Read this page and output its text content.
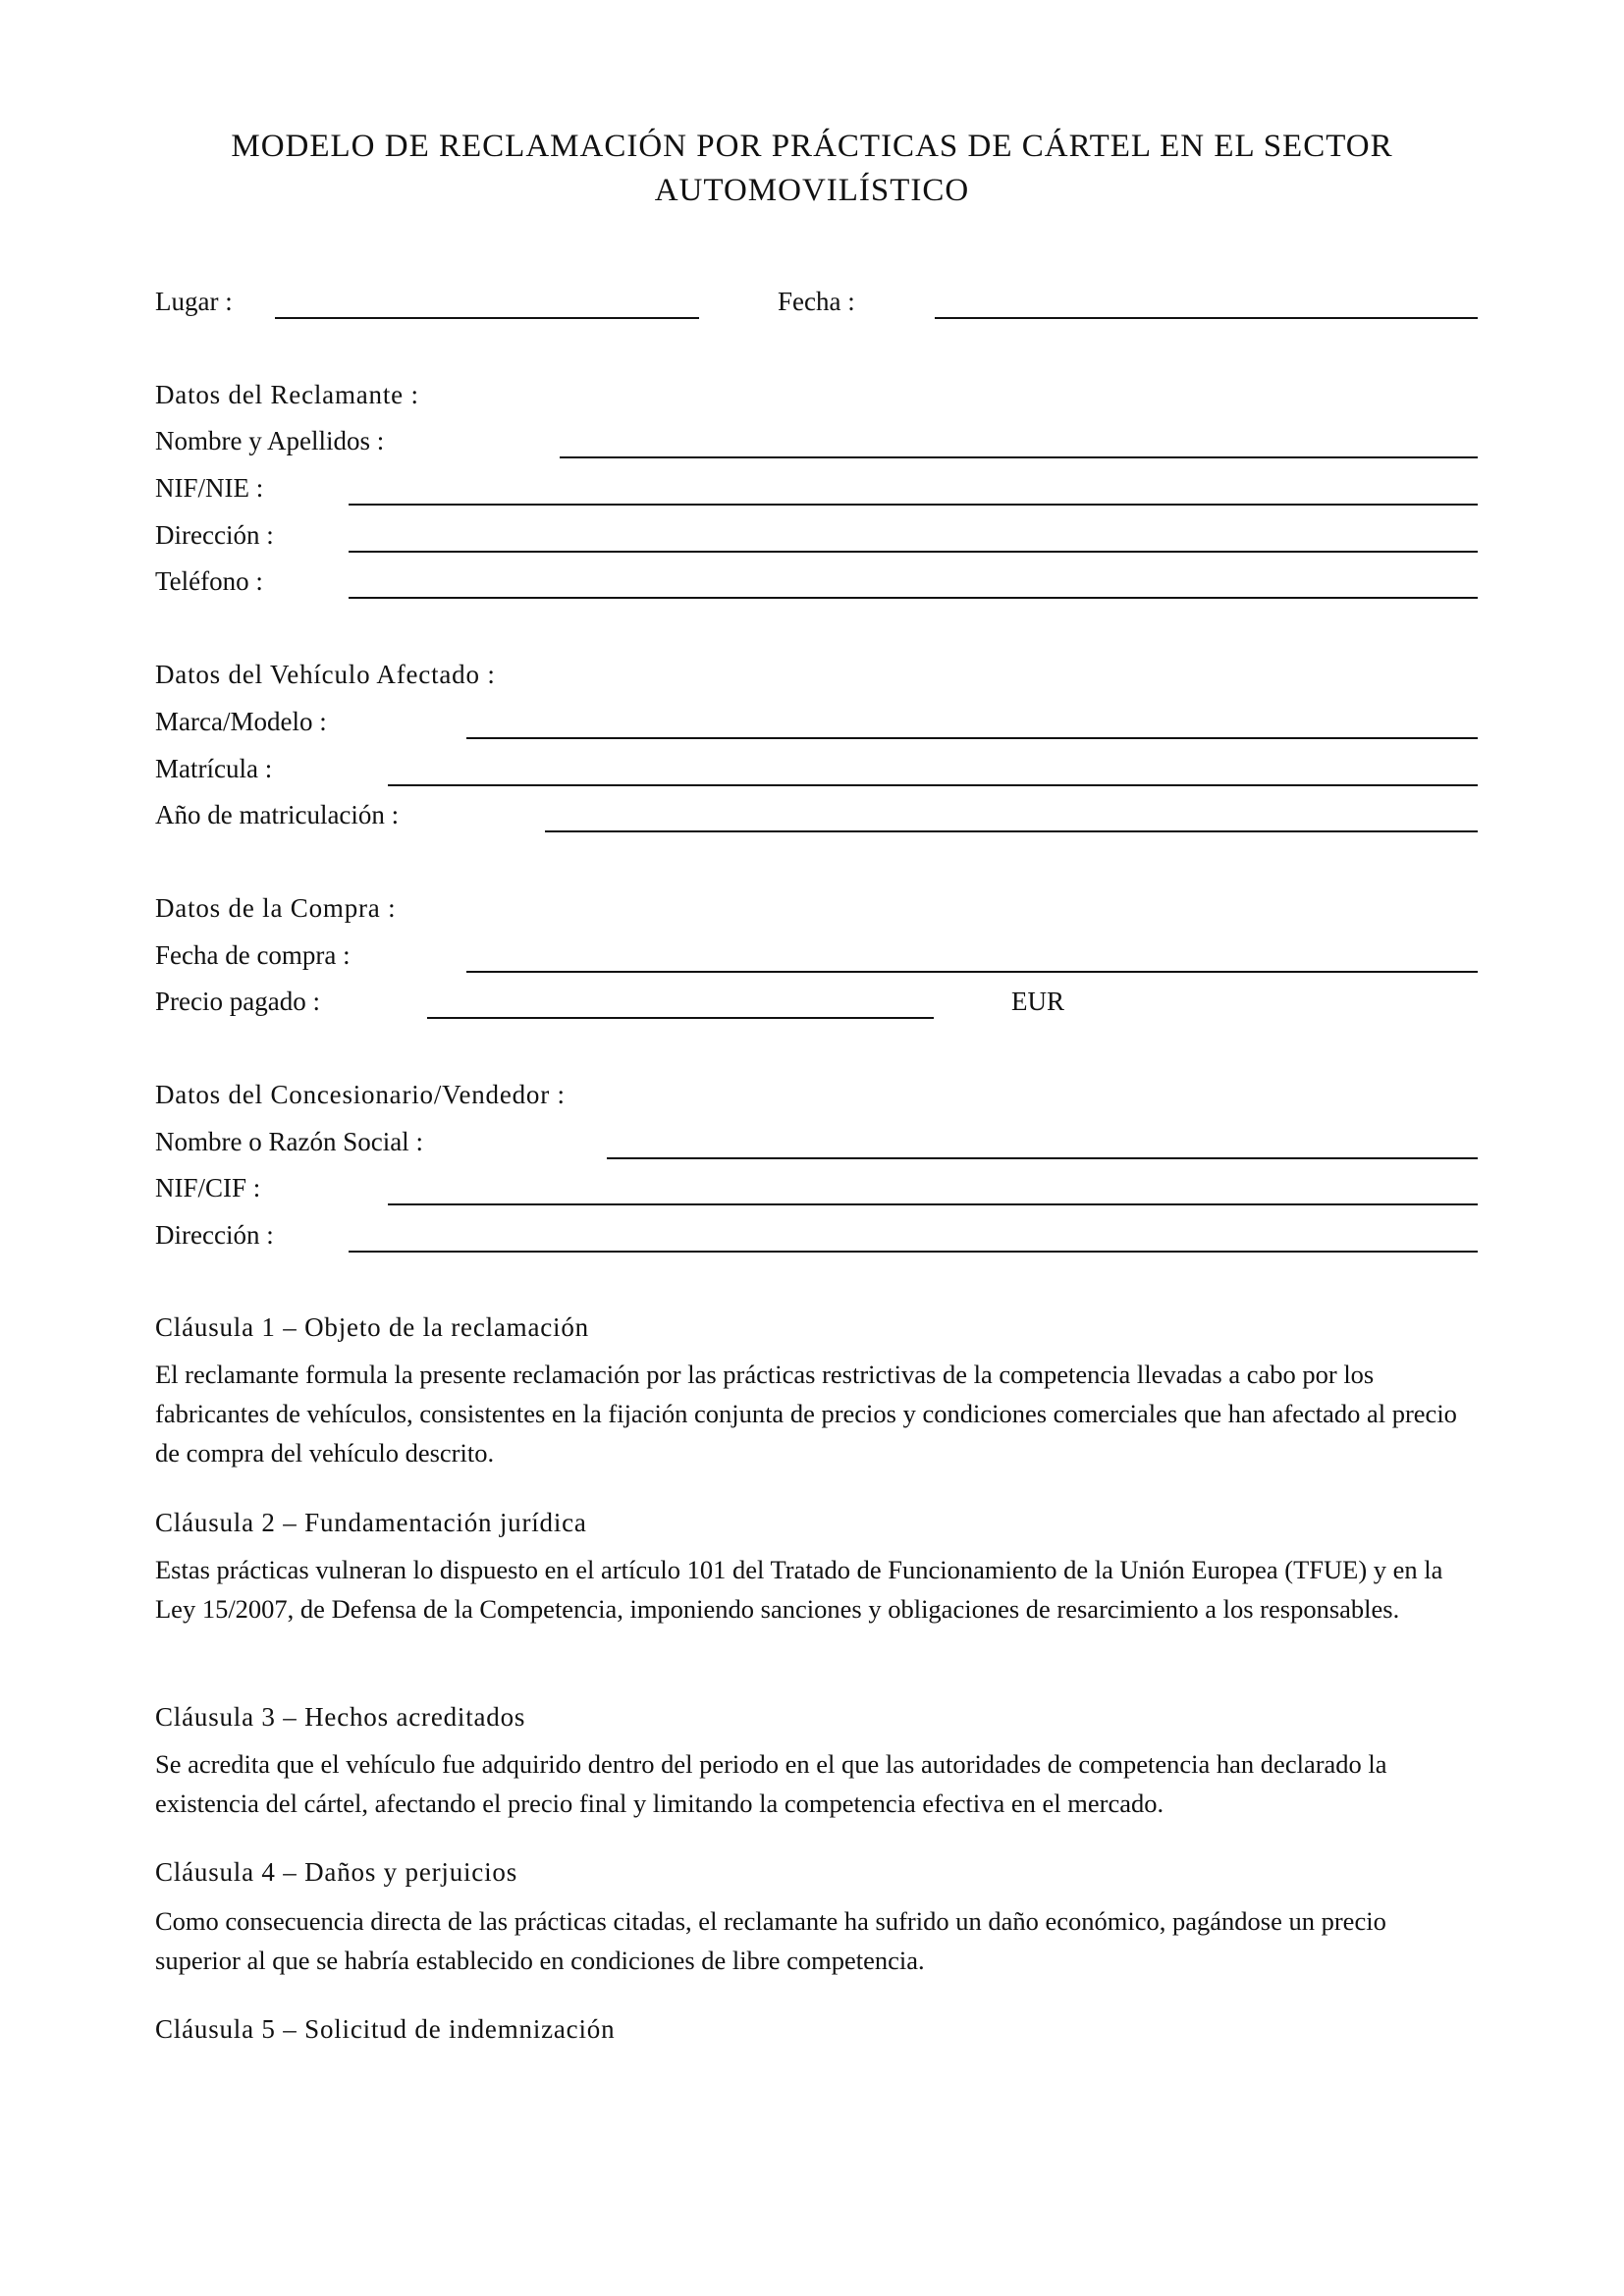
MODELO DE RECLAMACIÓN POR PRÁCTICAS DE CÁRTEL EN EL SECTOR
AUTOMOVILÍSTICO
Lugar :	Fecha :
Datos del Reclamante :
Nombre y Apellidos :
NIF/NIE :
Dirección :
Teléfono :
Datos del Vehículo Afectado :
Marca/Modelo :
Matrícula :
Año de matriculación :
Datos de la Compra :
Fecha de compra :
Precio pagado :	EUR
Datos del Concesionario/Vendedor :
Nombre o Razón Social :
NIF/CIF :
Dirección :
Cláusula 1 – Objeto de la reclamación
El reclamante formula la presente reclamación por las prácticas restrictivas de la competencia llevadas a cabo por los fabricantes de vehículos, consistentes en la fijación conjunta de precios y condiciones comerciales que han afectado al precio de compra del vehículo descrito.
Cláusula 2 – Fundamentación jurídica
Estas prácticas vulneran lo dispuesto en el artículo 101 del Tratado de Funcionamiento de la Unión Europea (TFUE) y en la Ley 15/2007, de Defensa de la Competencia, imponiendo sanciones y obligaciones de resarcimiento a los responsables.
Cláusula 3 – Hechos acreditados
Se acredita que el vehículo fue adquirido dentro del periodo en el que las autoridades de competencia han declarado la existencia del cártel, afectando el precio final y limitando la competencia efectiva en el mercado.
Cláusula 4 – Daños y perjuicios
Como consecuencia directa de las prácticas citadas, el reclamante ha sufrido un daño económico, pagándose un precio superior al que se habría establecido en condiciones de libre competencia.
Cláusula 5 – Solicitud de indemnización
